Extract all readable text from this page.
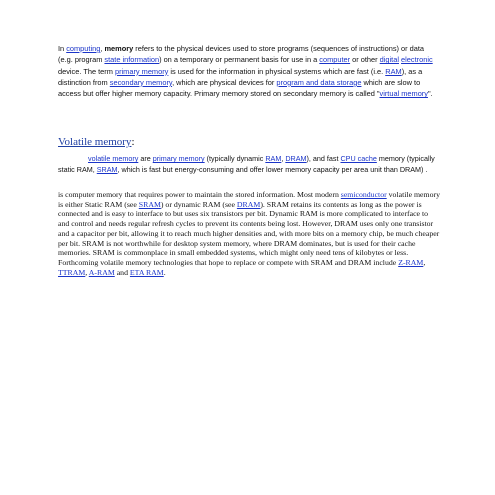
In computing, memory refers to the physical devices used to store programs (sequences of instructions) or data (e.g. program state information) on a temporary or permanent basis for use in a computer or other digital electronic device. The term primary memory is used for the information in physical systems which are fast (i.e. RAM), as a distinction from secondary memory, which are physical devices for program and data storage which are slow to access but offer higher memory capacity. Primary memory stored on secondary memory is called "virtual memory".

Volatile memory:

volatile memory are primary memory (typically dynamic RAM, DRAM), and fast CPU cache memory (typically static RAM, SRAM, which is fast but energy-consuming and offer lower memory capacity per area unit than DRAM) .

is computer memory that requires power to maintain the stored information. Most modern semiconductor volatile memory is either Static RAM (see SRAM) or dynamic RAM (see DRAM). SRAM retains its contents as long as the power is connected and is easy to interface to but uses six transistors per bit. Dynamic RAM is more complicated to interface to and control and needs regular refresh cycles to prevent its contents being lost. However, DRAM uses only one transistor and a capacitor per bit, allowing it to reach much higher densities and, with more bits on a memory chip, be much cheaper per bit. SRAM is not worthwhile for desktop system memory, where DRAM dominates, but is used for their cache memories. SRAM is commonplace in small embedded systems, which might only need tens of kilobytes or less. Forthcoming volatile memory technologies that hope to replace or compete with SRAM and DRAM include Z-RAM, TTRAM, A-RAM and ETA RAM.
